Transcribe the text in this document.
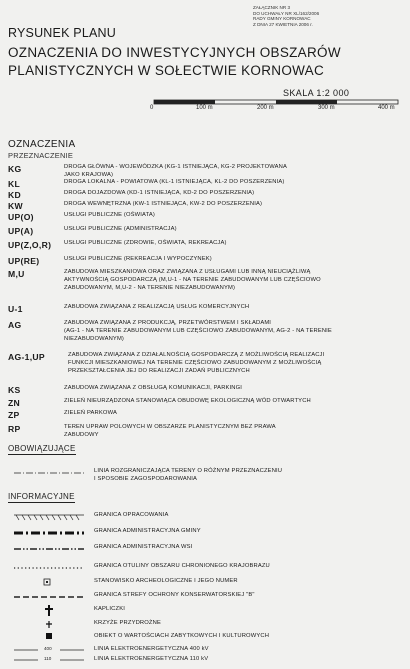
ZAŁĄCZNIK NR 3
DO UCHWAŁY NR XL/162/2006
RADY GMINY KORNOWAC
Z DNIA 27 KWIETNIA 2006 r.
RYSUNEK PLANU
OZNACZENIA DO INWESTYCYJNYCH OBSZARÓW
PLANISTYCZNYCH W SOŁECTWIE KORNOWAC
SKALA 1:2 000
0	100 m	200 m	300 m	400 m
OZNACZENIA
PRZEZNACZENIE
KG	DROGA GŁÓWNA - WOJEWÓDZKA (KG-1 ISTNIEJĄCA, KG-2 PROJEKTOWANA
JAKO KRAJOWA)
KL	DROGA LOKALNA - POWIATOWA (KL-1 ISTNIEJĄCA, KL-2 DO POSZERZENIA)
KD	DROGA DOJAZDOWA (KD-1 ISTNIEJĄCA, KD-2 DO POSZERZENIA)
KW	DROGA WEWNĘTRZNA (KW-1 ISTNIEJĄCA, KW-2 DO POSZERZENIA)
UP(O)	USŁUGI PUBLICZNE (OŚWIATA)
UP(A)	USŁUGI PUBLICZNE (ADMINISTRACJA)
UP(Z,O,R) USŁUGI PUBLICZNE (ZDROWIE, OŚWIATA, REKREACJA)
UP(RE)	USŁUGI PUBLICZNE (REKREACJA I WYPOCZYNEK)
M,U	ZABUDOWA MIESZKANIOWA ORAZ ZWIĄZANA Z USŁUGAMI LUB INNĄ NIEUCIĄŻLIWĄ
AKTYWNOŚCIĄ GOSPODARCZĄ (M,U-1 - NA TERENIE ZABUDOWANYM LUB CZĘŚCIOWO
ZABUDOWANYM, M,U-2 - NA TERENIE NIEZABUDOWANYM)
U-1	ZABUDOWA ZWIĄZANA Z REALIZACJĄ USŁUG KOMERCYJNYCH
AG	ZABUDOWA ZWIĄZANA Z PRODUKCJĄ, PRZETWÓRSTWEM I SKŁADAMI
(AG-1 - NA TERENIE ZABUDOWANYM LUB CZĘŚCIOWO ZABUDOWANYM, AG-2 - NA TERENIE
NIEZABUDOWANYM)
AG-1,UP	ZABUDOWA ZWIĄZANA Z DZIAŁALNOŚCIĄ GOSPODARCZĄ Z MOŻLIWOŚCIĄ REALIZACJI
FUNKCJI MIESZKANIOWEJ NA TERENIE CZĘŚCIOWO ZABUDOWANYM Z MOŻLIWOŚCIĄ
PRZEKSZTAŁCENIA JEJ DO REALIZACJI ZADAŃ PUBLICZNYCH
KS	ZABUDOWA ZWIĄZANA Z OBSŁUGĄ KOMUNIKACJI, PARKINGI
ZN	ZIELEŃ NIEURZĄDZONA STANOWIĄCA OBUDOWĘ EKOLOGICZNĄ WÓD OTWARTYCH
ZP	ZIELEŃ PARKOWA
RP	TEREN UPRAW POLOWYCH W OBSZARZE PLANISTYCZNYM BEZ PRAWA
ZABUDOWY
OBOWIĄZUJĄCE
LINIA ROZGRANICZAJĄCA TERENY O RÓŻNYM PRZEZNACZENIU
I SPOSOBIE ZAGOSPODAROWANIA
INFORMACYJNE
GRANICA OPRACOWANIA
GRANICA ADMINISTRACYJNA GMINY
GRANICA ADMINISTRACYJNA WSI
GRANICA OTULINY OBSZARU CHRONIONEGO KRAJOBRAZU
STANOWISKO ARCHEOLOGICZNE I JEGO NUMER
GRANICA STREFY OCHRONY KONSERWATORSKIEJ "B"
KAPLICZKI
KRZYŻE PRZYDROŻNE
OBIEKT O WARTOŚCIACH ZABYTKOWYCH I KULTUROWYCH
400	LINIA ELEKTROENERGETYCZNA 400 kV
110	LINIA ELEKTROENERGETYCZNA 110 kV
